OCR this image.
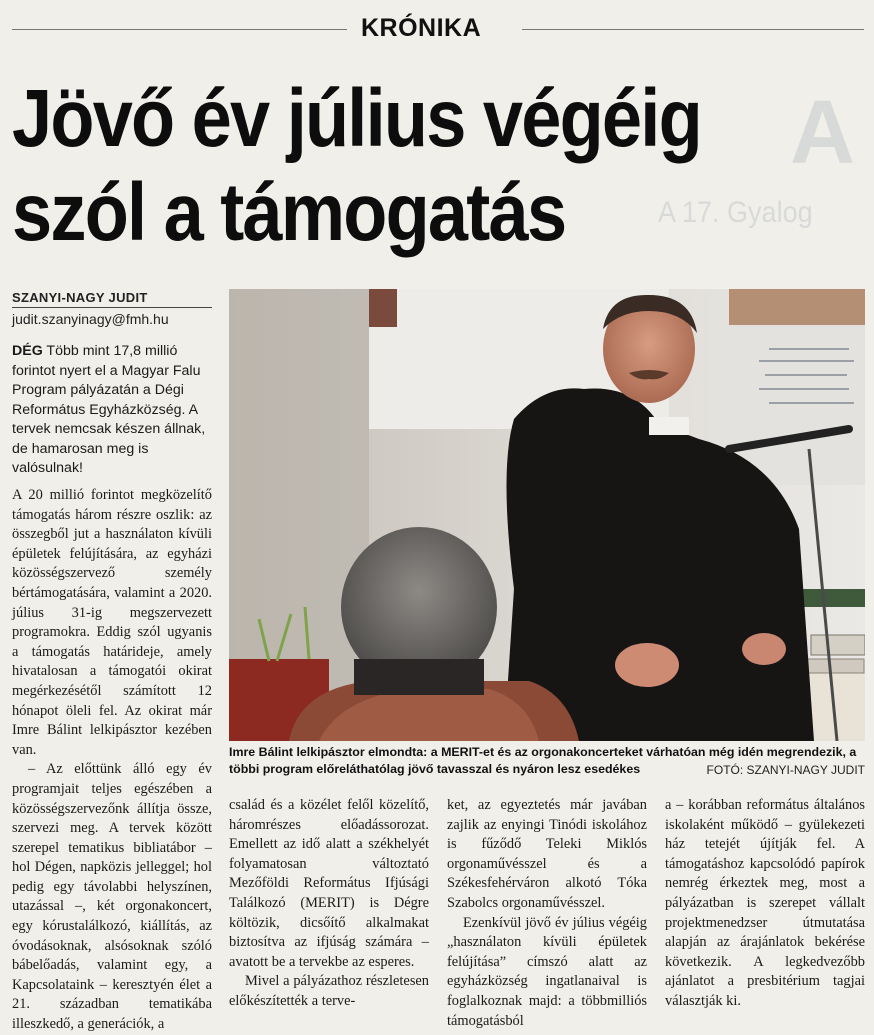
A
A 17. Gyalog
KRÓNIKA
Jövő év július végéig
szól a támogatás
SZANYI-NAGY JUDIT
judit.szanyinagy@fmh.hu
DÉG Több mint 17,8 millió forintot nyert el a Magyar Falu Program pályázatán a Dégi Református Egyházközség. A tervek nemcsak készen állnak, de hamarosan meg is valósulnak!

A 20 millió forintot megközelítő támogatás három részre oszlik: az összegből jut a használaton kívüli épületek felújítására, az egyházi közösségszervező személy bértámogatására, valamint a 2020. július 31-ig megszervezett programokra. Eddig szól ugyanis a támogatás határideje, amely hivatalosan a támogatói okirat megérkezésétől számított 12 hónapot öleli fel. Az okirat már Imre Bálint lelkipásztor kezében van.

– Az előttünk álló egy év programjait teljes egészében a közösségszervezőnk állítja össze, szervezi meg. A tervek között szerepel tematikus bibliatábor – hol Dégen, napközis jelleggel; hol pedig egy távolabbi helyszínen, utazással –, két orgonakoncert, egy kórustalálkozó, kiállítás, az óvodásoknak, alsósoknak szóló bábelőadás, valamint egy, a Kapcsolataink – keresztyén élet a 21. században tematikába illeszkedő, a generációk, a

Imre Bálint lelkipásztor elmondta: a MERIT-et és az orgonakoncerteket várhatóan még idén megrendezik, a többi program előreláthatólag jövő tavasszal és nyáron lesz esedékes	FOTÓ: SZANYI-NAGY JUDIT

család és a közélet felől közelítő, háromrészes előadássorozat. Emellett az idő alatt a székhelyét folyamatosan változtató Mezőföldi Református Ifjúsági Találkozó (MERIT) is Dégre költözik, dicsőítő alkalmakat biztosítva az ifjúság számára – avatott be a tervekbe az esperes.

Mivel a pályázathoz részletesen előkészítették a terve-

ket, az egyeztetés már javában zajlik az enyingi Tinódi iskolához is fűződő Teleki Miklós orgonaművésszel és a Székesfehérváron alkotó Tóka Szabolcs orgonaművésszel.

Ezenkívül jövő év július végéig „használaton kívüli épületek felújítása” címszó alatt az egyházközség ingatlanaival is foglalkoznak majd: a többmilliós támogatásból

a – korábban református általános iskolaként működő – gyülekezeti ház tetejét újítják fel. A támogatáshoz kapcsolódó papírok nemrég érkeztek meg, most a pályázatban is szerepet vállalt projektmenedzser útmutatása alapján az árajánlatok bekérése következik. A legkedvezőbb ajánlatot a presbitérium tagjai választják ki.
